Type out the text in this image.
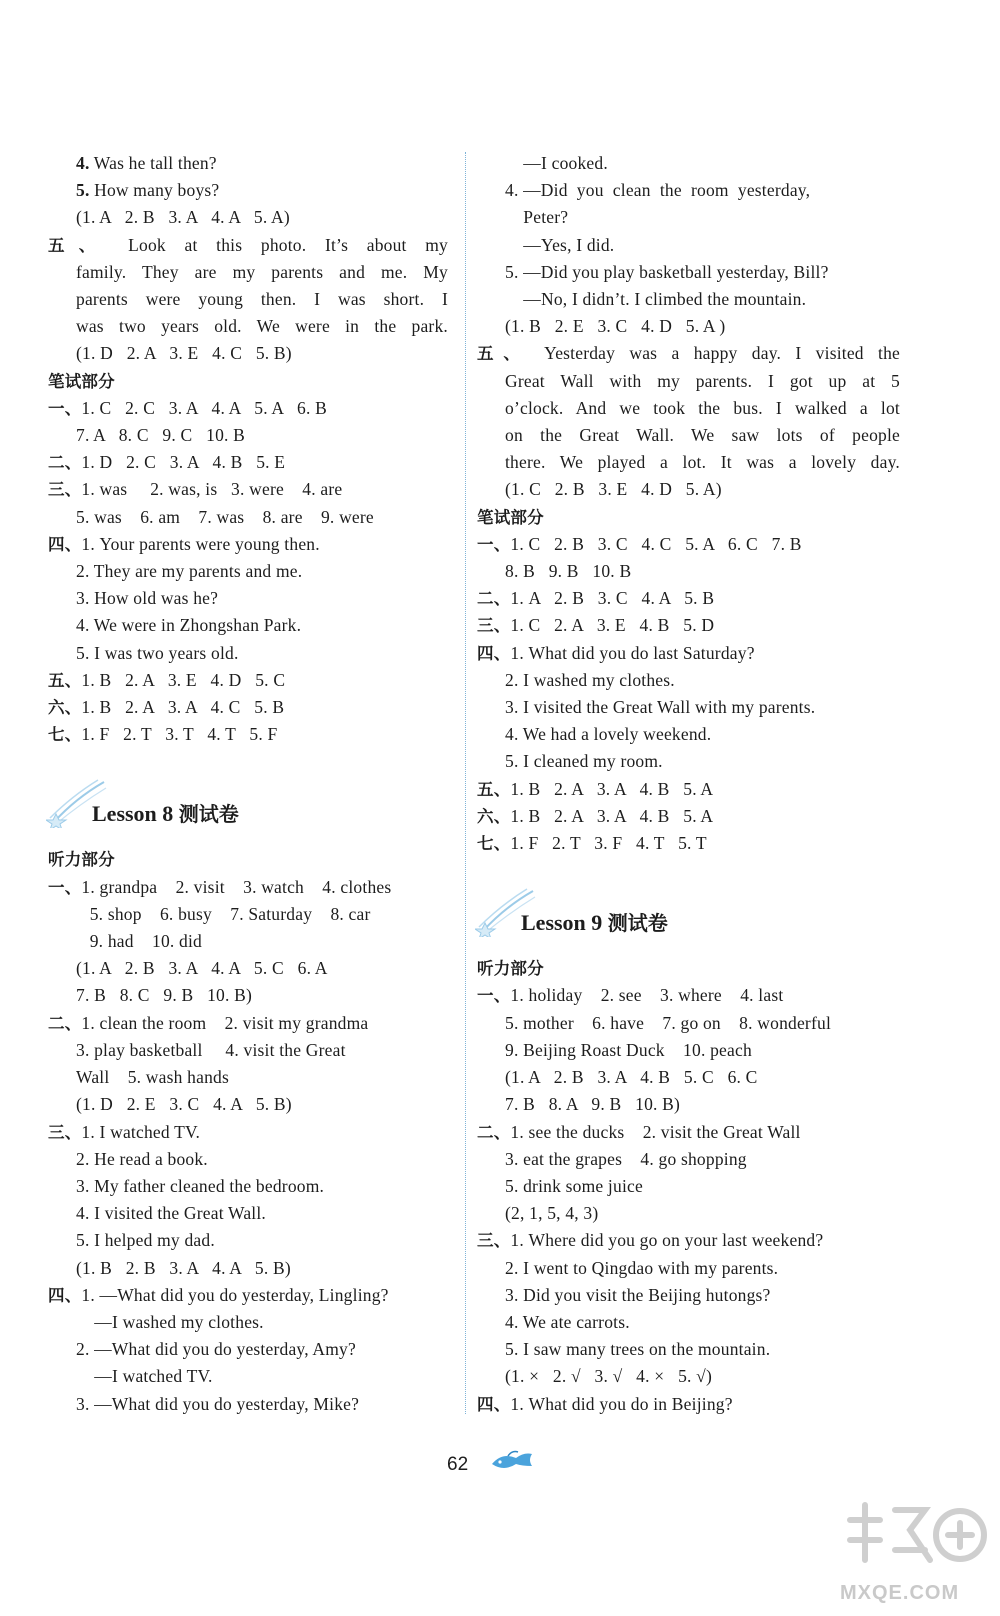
4. Was he tall then?
5. How many boys?
(1. A   2. B   3. A   4. A   5. A)
五、 Look at this photo. It’s about my
family. They are my parents and me. My
parents were young then. I was short. I
was two years old. We were in the park.
(1. D   2. A   3. E   4. C   5. B)
笔试部分
一、1. C   2. C   3. A   4. A   5. A   6. B
7. A   8. C   9. C   10. B
二、1. D   2. C   3. A   4. B   5. E
三、1. was     2. was, is   3. were    4. are
5. was    6. am    7. was    8. are    9. were
四、1. Your parents were young then.
2. They are my parents and me.
3. How old was he?
4. We were in Zhongshan Park.
5. I was two years old.
五、1. B   2. A   3. E   4. D   5. C
六、1. B   2. A   3. A   4. C   5. B
七、1. F   2. T   3. T   4. T   5. F
Lesson 8 测试卷
听力部分
一、1. grandpa    2. visit    3. watch    4. clothes
5. shop    6. busy    7. Saturday    8. car
9. had    10. did
(1. A   2. B   3. A   4. A   5. C   6. A
7. B   8. C   9. B   10. B)
二、1. clean the room    2. visit my grandma
3. play basketball     4. visit the Great
Wall    5. wash hands
(1. D   2. E   3. C   4. A   5. B)
三、1. I watched TV.
2. He read a book.
3. My father cleaned the bedroom.
4. I visited the Great Wall.
5. I helped my dad.
(1. B   2. B   3. A   4. A   5. B)
四、1. —What did you do yesterday, Lingling?
—I washed my clothes.
2. —What did you do yesterday, Amy?
—I watched TV.
3. —What did you do yesterday, Mike?
—I cooked.
4. —Did  you  clean  the  room  yesterday,
Peter?
—Yes, I did.
5. —Did you play basketball yesterday, Bill?
—No, I didn’t. I climbed the mountain.
(1. B   2. E   3. C   4. D   5. A )
五、 Yesterday was a happy day. I visited the
Great Wall with my parents. I got up at 5
o’clock. And we took the bus. I walked a lot
on the Great Wall. We saw lots of people
there. We played a lot. It was a lovely day.
(1. C   2. B   3. E   4. D   5. A)
笔试部分
一、1. C   2. B   3. C   4. C   5. A   6. C   7. B
8. B   9. B   10. B
二、1. A   2. B   3. C   4. A   5. B
三、1. C   2. A   3. E   4. B   5. D
四、1. What did you do last Saturday?
2. I washed my clothes.
3. I visited the Great Wall with my parents.
4. We had a lovely weekend.
5. I cleaned my room.
五、1. B   2. A   3. A   4. B   5. A
六、1. B   2. A   3. A   4. B   5. A
七、1. F   2. T   3. F   4. T   5. T
Lesson 9 测试卷
听力部分
一、1. holiday    2. see    3. where    4. last
5. mother    6. have    7. go on    8. wonderful
9. Beijing Roast Duck    10. peach
(1. A   2. B   3. A   4. B   5. C   6. C
7. B   8. A   9. B   10. B)
二、1. see the ducks    2. visit the Great Wall
3. eat the grapes    4. go shopping
5. drink some juice
(2, 1, 5, 4, 3)
三、1. Where did you go on your last weekend?
2. I went to Qingdao with my parents.
3. Did you visit the Beijing hutongs?
4. We ate carrots.
5. I saw many trees on the mountain.
(1. ×   2. √   3. √   4. ×   5. √)
四、1. What did you do in Beijing?
62
MXQE.COM
